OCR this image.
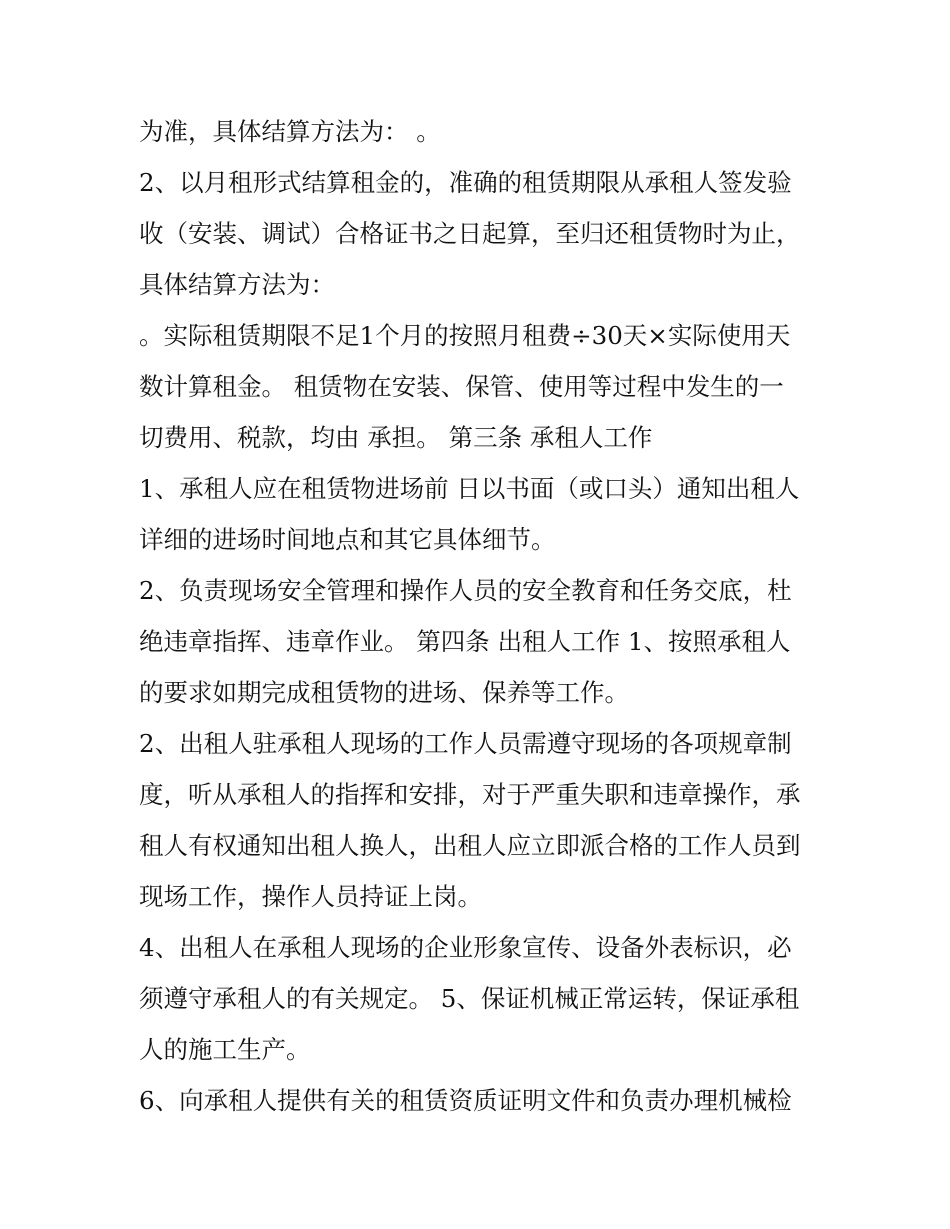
为准，具体结算方法为： 。
2、以月租形式结算租金的，准确的租赁期限从承租人签发验
收（安装、调试）合格证书之日起算，至归还租赁物时为止，
具体结算方法为：
。实际租赁期限不足1个月的按照月租费÷30天×实际使用天
数计算租金。 租赁物在安装、保管、使用等过程中发生的一
切费用、税款，均由 承担。 第三条 承租人工作
1、承租人应在租赁物进场前 日以书面（或口头）通知出租人
详细的进场时间地点和其它具体细节。
2、负责现场安全管理和操作人员的安全教育和任务交底，杜
绝违章指挥、违章作业。 第四条 出租人工作 1、按照承租人
的要求如期完成租赁物的进场、保养等工作。
2、出租人驻承租人现场的工作人员需遵守现场的各项规章制
度，听从承租人的指挥和安排，对于严重失职和违章操作，承
租人有权通知出租人换人，出租人应立即派合格的工作人员到
现场工作，操作人员持证上岗。
4、出租人在承租人现场的企业形象宣传、设备外表标识，必
须遵守承租人的有关规定。 5、保证机械正常运转，保证承租
人的施工生产。
6、向承租人提供有关的租赁资质证明文件和负责办理机械检
